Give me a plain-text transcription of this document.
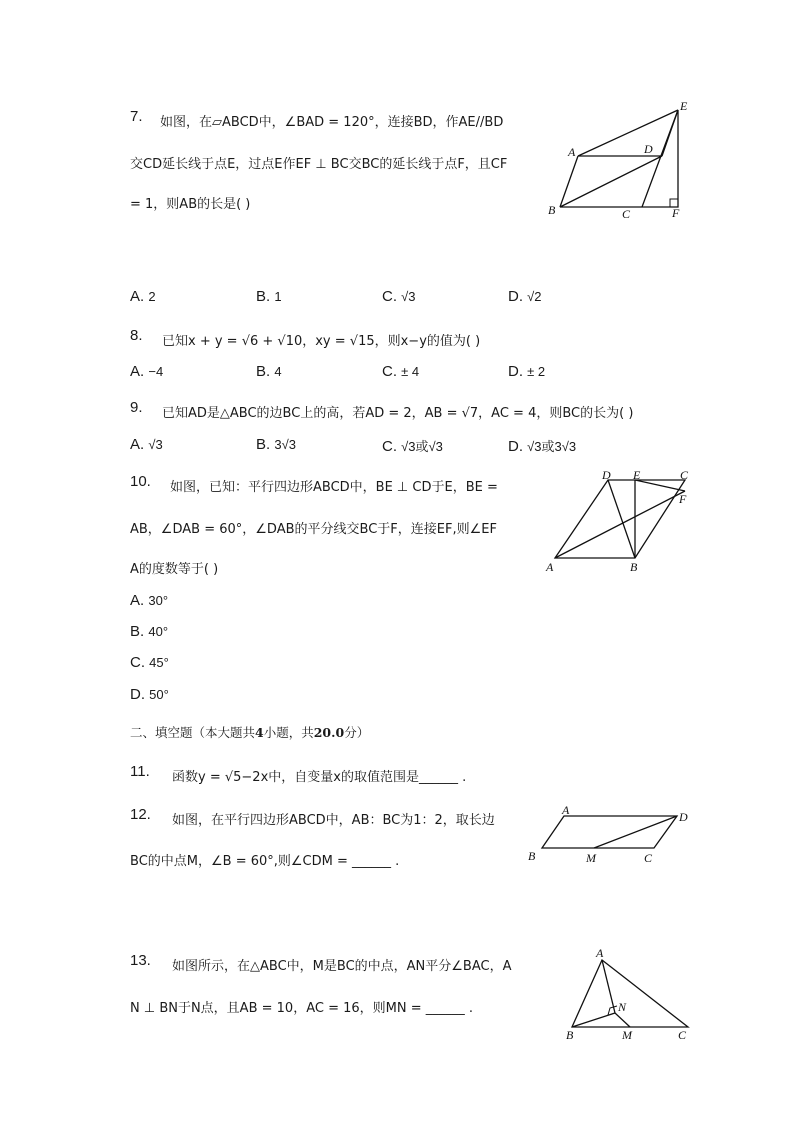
7. 如图，在▱ABCD中，∠BAD = 120°，连接BD，作AE//BD
交CD延长线于点E，过点E作EF ⊥ BC交BC的延长线于点F，且CF
= 1，则AB的长是( )
A	D
E
B	C	F
A. 2	B. 1	C. √3	D. √2
8. 已知x + y = √6 + √10，xy = √15，则x−y的值为( )
A. −4	B. 4	C. ± 4	D. ± 2
9. 已知AD是△ABC的边BC上的高，若AD = 2，AB = √7，AC = 4，则BC的长为( )
A. √3	B. 3√3	C. √3或√3	D. √3或3√3
10. 如图，已知：平行四边形ABCD中，BE ⊥ CD于E，BE =
AB，∠DAB = 60°，∠DAB的平分线交BC于F，连接EF,则∠EF
A的度数等于( )	A	B
C
D E
F
A. 30°
B. 40°
C. 45°
D. 50°
二、填空题（本大题共4小题，共20.0分）
11. 函数y = √5−2x中，自变量x的取值范围是______ .
12. 如图，在平行四边形ABCD中，AB：BC为1：2，取长边
BC的中点M，∠B = 60°,则∠CDM = ______ .
A	D
B	M	C
13. 如图所示，在△ABC中，M是BC的中点，AN平分∠BAC，A
N ⊥ BN于N点，且AB = 10，AC = 16，则MN = ______ .
A
N
B	M	C
